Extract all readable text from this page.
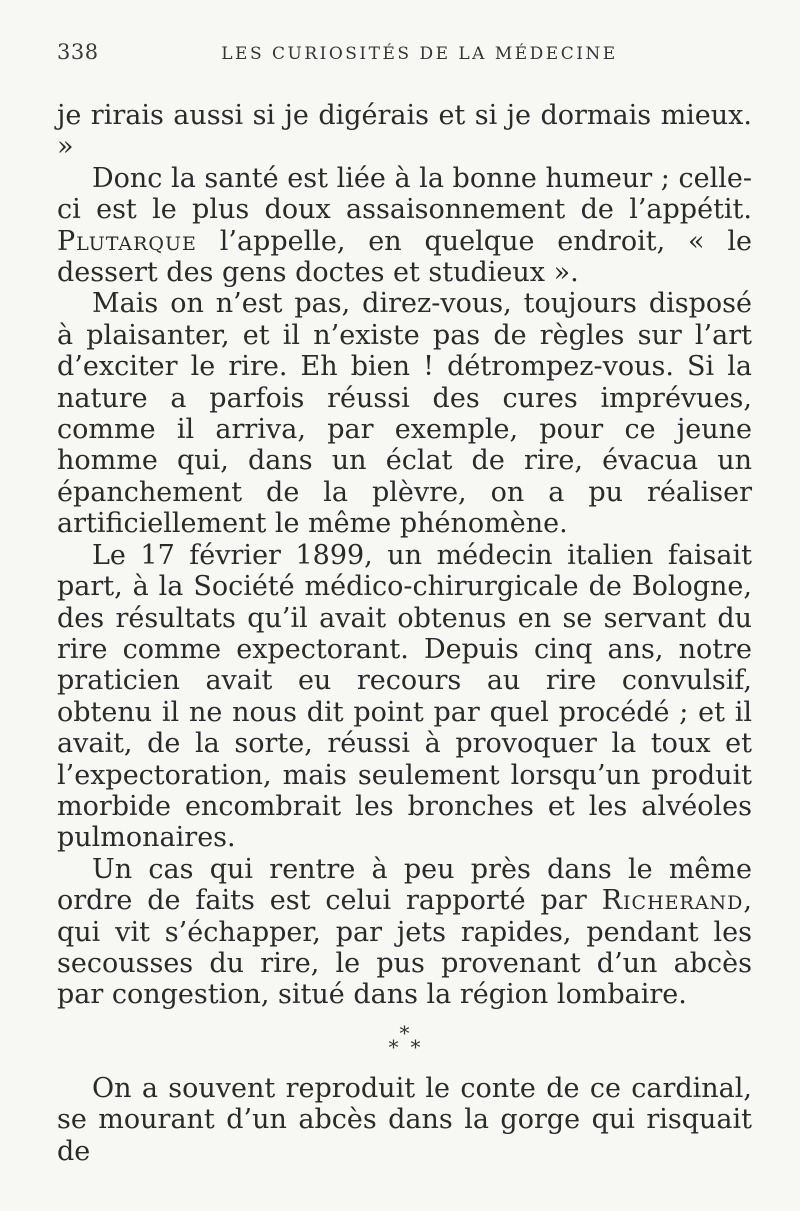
338	LES CURIOSITÉS DE LA MÉDECINE

je rirais aussi si je digérais et si je dormais mieux. »

Donc la santé est liée à la bonne humeur ; celle-ci est le plus doux assaisonnement de l’appétit. Plutarque l’appelle, en quelque endroit, « le dessert des gens doctes et studieux ».

Mais on n’est pas, direz-vous, toujours disposé à plaisanter, et il n’existe pas de règles sur l’art d’exciter le rire. Eh bien ! détrompez-vous. Si la nature a parfois réussi des cures imprévues, comme il arriva, par exemple, pour ce jeune homme qui, dans un éclat de rire, évacua un épanchement de la plèvre, on a pu réaliser artificiellement le même phénomène.

Le 17 février 1899, un médecin italien faisait part, à la Société médico-chirurgicale de Bologne, des résultats qu’il avait obtenus en se servant du rire comme expectorant. Depuis cinq ans, notre praticien avait eu recours au rire convulsif, obtenu il ne nous dit point par quel procédé ; et il avait, de la sorte, réussi à provoquer la toux et l’expectoration, mais seulement lorsqu’un produit morbide encombrait les bronches et les alvéoles pulmonaires.

Un cas qui rentre à peu près dans le même ordre de faits est celui rapporté par Richerand, qui vit s’échapper, par jets rapides, pendant les secousses du rire, le pus provenant d’un abcès par congestion, situé dans la région lombaire.

*
* *

On a souvent reproduit le conte de ce cardinal, se mourant d’un abcès dans la gorge qui risquait de
